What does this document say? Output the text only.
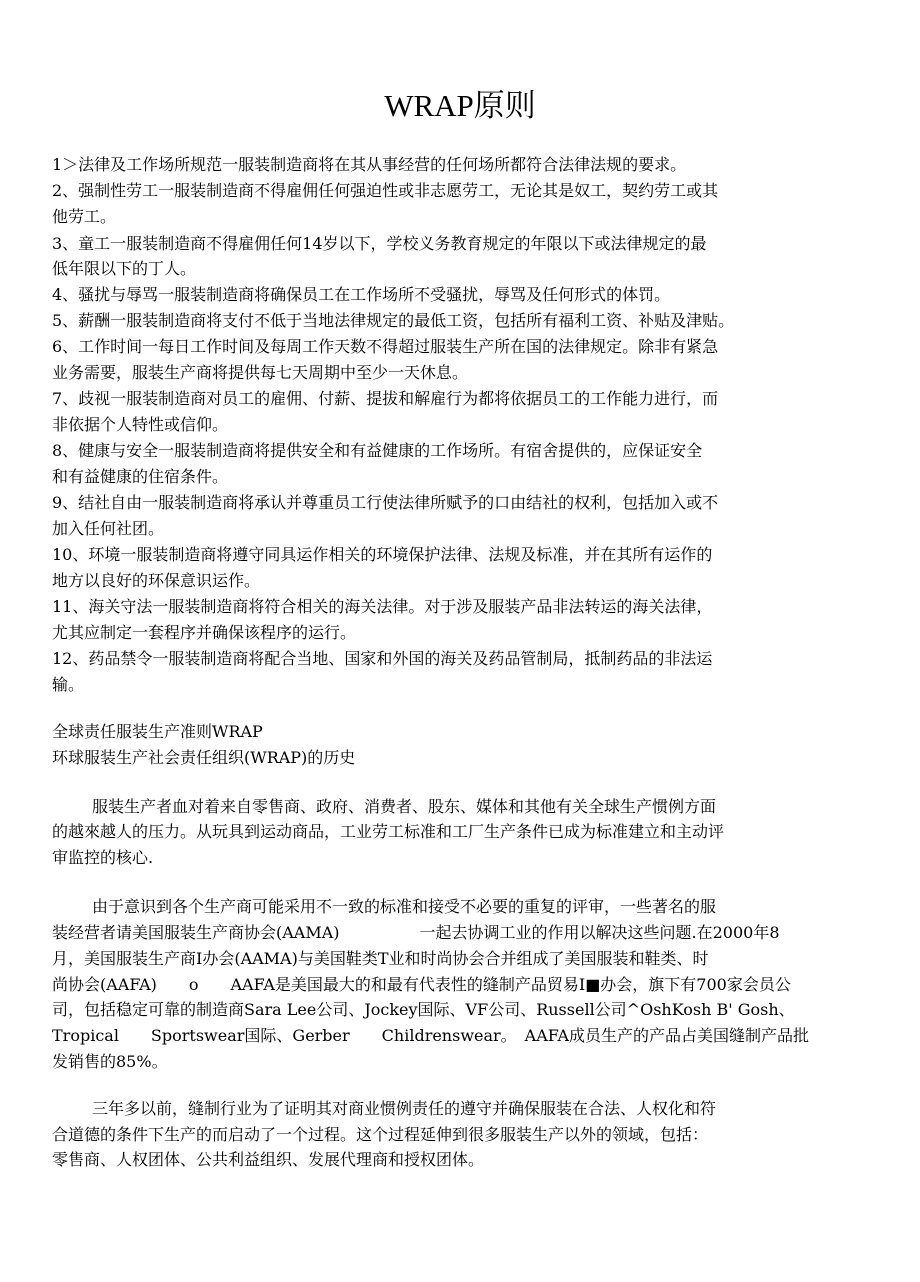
WRAP原则
1＞法律及工作场所规范一服装制造商将在其从事经营的任何场所都符合法律法规的要求。
2、强制性劳工一服装制造商不得雇佣任何强迫性或非志愿劳工，无论其是奴工，契约劳工或其
他劳工。
3、童工一服装制造商不得雇佣任何14岁以下，学校义务教育规定的年限以下或法律规定的最
低年限以下的丁人。
4、骚扰与辱骂一服装制造商将确保员工在工作场所不受骚扰，辱骂及任何形式的体罚。
5、薪酬一服装制造商将支付不低于当地法律规定的最低工资，包括所有福利工资、补贴及津贴。
6、工作时间一每日工作时间及每周工作天数不得超过服装生产所在国的法律规定。除非有紧急
业务需要，服装生产商将提供每七天周期中至少一天休息。
7、歧视一服装制造商对员工的雇佣、付薪、提拔和解雇行为都将依据员工的工作能力进行，而
非依据个人特性或信仰。
8、健康与安全一服装制造商将提供安全和有益健康的工作场所。有宿舍提供的，应保证安全
和有益健康的住宿条件。
9、结社自由一服装制造商将承认并尊重员工行使法律所赋予的口由结社的权利，包括加入或不
加入任何社团。
10、环境一服装制造商将遵守同具运作相关的环境保护法律、法规及标准，并在其所有运作的
地方以良好的环保意识运作。
11、海关守法一服装制造商将符合相关的海关法律。对于涉及服装产品非法转运的海关法律，
尤其应制定一套程序并确保该程序的运行。
12、药品禁令一服装制造商将配合当地、国家和外国的海关及药品管制局，抵制药品的非法运
输。
全球责任服装生产准则WRAP
环球服装生产社会责任组织(WRAP)的历史
服装生产者血对着来自零售商、政府、消费者、股东、媒体和其他有关全球生产惯例方面
的越來越人的压力。从玩具到运动商品，工业劳工标准和工厂生产条件已成为标准建立和主动评
审监控的核心.
由于意识到各个生产商可能采用不一致的标准和接受不必要的重复的评审，一些著名的服
装经营者请美国服装生产商协会(AAMA)　　　　　一起去协调工业的作用以解决这些问题.在2000年8
月，美国服装生产商I办会(AAMA)与美国鞋类T业和时尚协会合并组成了美国服装和鞋类、时
尚协会(AAFA)　　o　　AAFA是美国最大的和最有代表性的缝制产品贸易I■办会，旗下有700家会员公
司，包括稳定可靠的制造商Sara Lee公司、Jockey国际、VF公司、Russell公司^OshKosh B' Gosh、
Tropical　　Sportswear国际、Gerber　　Childrenswear。　AAFA成员生产的产品占美国缝制产品批
发销售的85%。
三年多以前，缝制行业为了证明其对商业惯例责任的遵守并确保服装在合法、人权化和符
合道德的条件下生产的而启动了一个过程。这个过程延伸到很多服装生产以外的领域，包括：
零售商、人权团体、公共利益组织、发展代理商和授权团体。
